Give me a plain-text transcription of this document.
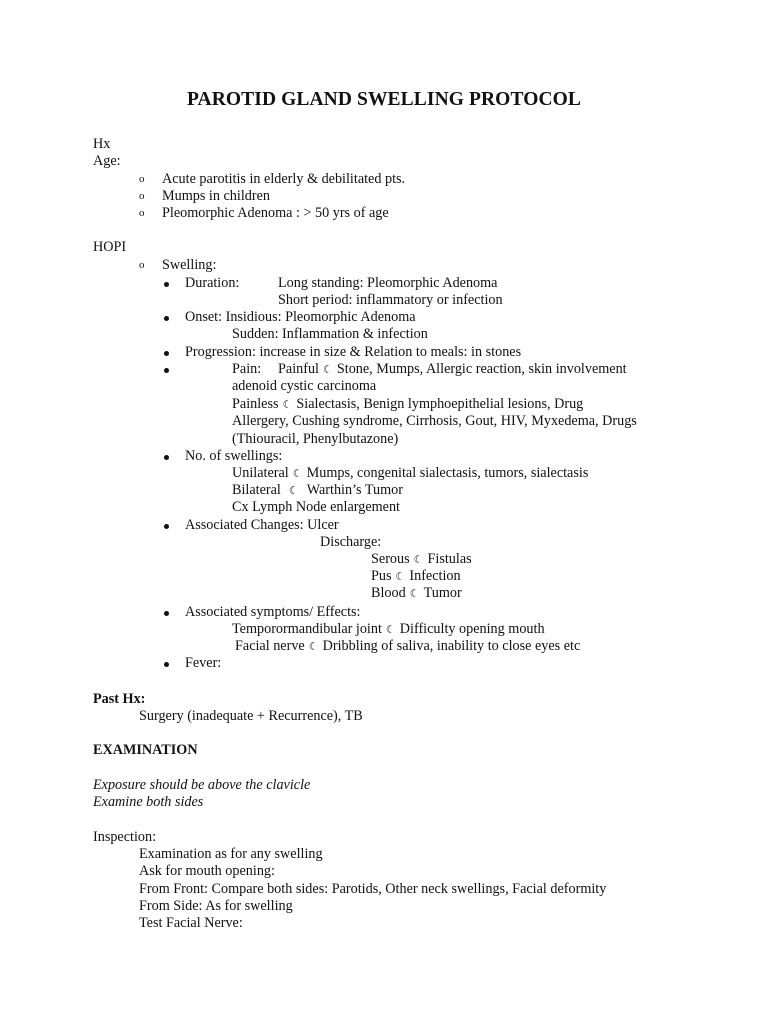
PAROTID GLAND SWELLING PROTOCOL
Hx
Age:
o Acute parotitis in elderly & debilitated pts.
o Mumps in children
o Pleomorphic Adenoma : > 50 yrs of age
HOPI
o Swelling:
Duration:	Long standing: Pleomorphic Adenoma
Short period: inflammatory or infection
Onset: Insidious: Pleomorphic Adenoma
Sudden: Inflammation & infection
Progression: increase in size & Relation to meals: in stones
Pain: Painful ☾ Stone, Mumps, Allergic reaction, skin involvement
adenoid cystic carcinoma
Painless ☾ Sialectasis, Benign lymphoepithelial lesions, Drug
Allergery, Cushing syndrome, Cirrhosis, Gout, HIV, Myxedema, Drugs
(Thiouracil, Phenylbutazone)
No. of swellings:
Unilateral ☾ Mumps, congenital sialectasis, tumors, sialectasis
Bilateral ☾ Warthin’s Tumor
Cx Lymph Node enlargement
Associated Changes: Ulcer
Discharge:
Serous ☾ Fistulas
Pus ☾ Infection
Blood ☾ Tumor
Associated symptoms/ Effects:
Temporormandibular joint ☾ Difficulty opening mouth
Facial nerve ☾ Dribbling of saliva, inability to close eyes etc
Fever:
Past Hx:
Surgery (inadequate + Recurrence), TB
EXAMINATION
Exposure should be above the clavicle
Examine both sides
Inspection:
Examination as for any swelling
Ask for mouth opening:
From Front: Compare both sides: Parotids, Other neck swellings, Facial deformity
From Side: As for swelling
Test Facial Nerve:
